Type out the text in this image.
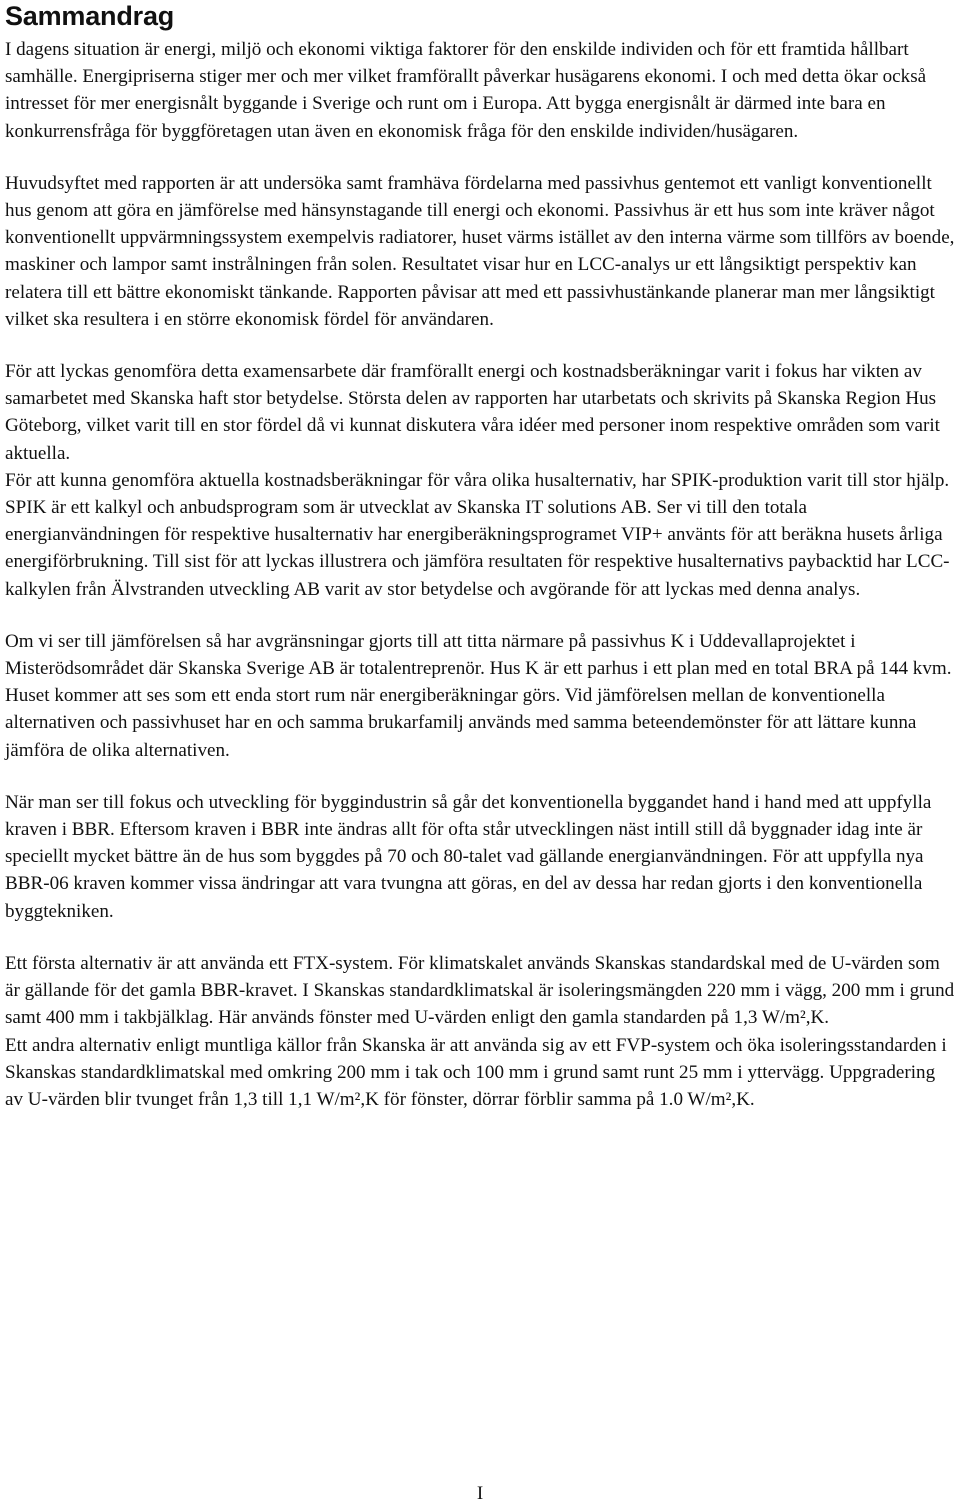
Sammandrag

I dagens situation är energi, miljö och ekonomi viktiga faktorer för den enskilde individen och för ett framtida hållbart samhälle. Energipriserna stiger mer och mer vilket framförallt påverkar husägarens ekonomi. I och med detta ökar också intresset för mer energisnålt byggande i Sverige och runt om i Europa. Att bygga energisnålt är därmed inte bara en konkurrensfråga för byggföretagen utan även en ekonomisk fråga för den enskilde individen/husägaren.

Huvudsyftet med rapporten är att undersöka samt framhäva fördelarna med passivhus gentemot ett vanligt konventionellt hus genom att göra en jämförelse med hänsynstagande till energi och ekonomi. Passivhus är ett hus som inte kräver något konventionellt uppvärmningssystem exempelvis radiatorer, huset värms istället av den interna värme som tillförs av boende, maskiner och lampor samt instrålningen från solen. Resultatet visar hur en LCC-analys ur ett långsiktigt perspektiv kan relatera till ett bättre ekonomiskt tänkande. Rapporten påvisar att med ett passivhustänkande planerar man mer långsiktigt vilket ska resultera i en större ekonomisk fördel för användaren.

För att lyckas genomföra detta examensarbete där framförallt energi och kostnadsberäkningar varit i fokus har vikten av samarbetet med Skanska haft stor betydelse. Största delen av rapporten har utarbetats och skrivits på Skanska Region Hus Göteborg, vilket varit till en stor fördel då vi kunnat diskutera våra idéer med personer inom respektive områden som varit aktuella.

För att kunna genomföra aktuella kostnadsberäkningar för våra olika husalternativ, har SPIK-produktion varit till stor hjälp. SPIK är ett kalkyl och anbudsprogram som är utvecklat av Skanska IT solutions AB. Ser vi till den totala energianvändningen för respektive husalternativ har energiberäkningsprogramet VIP+ använts för att beräkna husets årliga energiförbrukning. Till sist för att lyckas illustrera och jämföra resultaten för respektive husalternativs paybacktid har LCC-kalkylen från Älvstranden utveckling AB varit av stor betydelse och avgörande för att lyckas med denna analys.

Om vi ser till jämförelsen så har avgränsningar gjorts till att titta närmare på passivhus K i Uddevallaprojektet i Misterödsområdet där Skanska Sverige AB är totalentreprenör. Hus K är ett parhus i ett plan med en total BRA på 144 kvm. Huset kommer att ses som ett enda stort rum när energiberäkningar görs. Vid jämförelsen mellan de konventionella alternativen och passivhuset har en och samma brukarfamilj används med samma beteendemönster för att lättare kunna jämföra de olika alternativen.

När man ser till fokus och utveckling för byggindustrin så går det konventionella byggandet hand i hand med att uppfylla kraven i BBR. Eftersom kraven i BBR inte ändras allt för ofta står utvecklingen näst intill still då byggnader idag inte är speciellt mycket bättre än de hus som byggdes på 70 och 80-talet vad gällande energianvändningen. För att uppfylla nya BBR-06 kraven kommer vissa ändringar att vara tvungna att göras, en del av dessa har redan gjorts i den konventionella byggtekniken.

Ett första alternativ är att använda ett FTX-system. För klimatskalet används Skanskas standardskal med de U-värden som är gällande för det gamla BBR-kravet. I Skanskas standardklimatskal är isoleringsmängden 220 mm i vägg, 200 mm i grund samt 400 mm i takbjälklag. Här används fönster med U-värden enligt den gamla standarden på 1,3 W/m²,K.

Ett andra alternativ enligt muntliga källor från Skanska är att använda sig av ett FVP-system och öka isoleringsstandarden i Skanskas standardklimatskal med omkring 200 mm i tak och 100 mm i grund samt runt 25 mm i yttervägg. Uppgradering av U-värden blir tvunget från 1,3 till 1,1 W/m²,K för fönster, dörrar förblir samma på 1.0 W/m²,K.

I
